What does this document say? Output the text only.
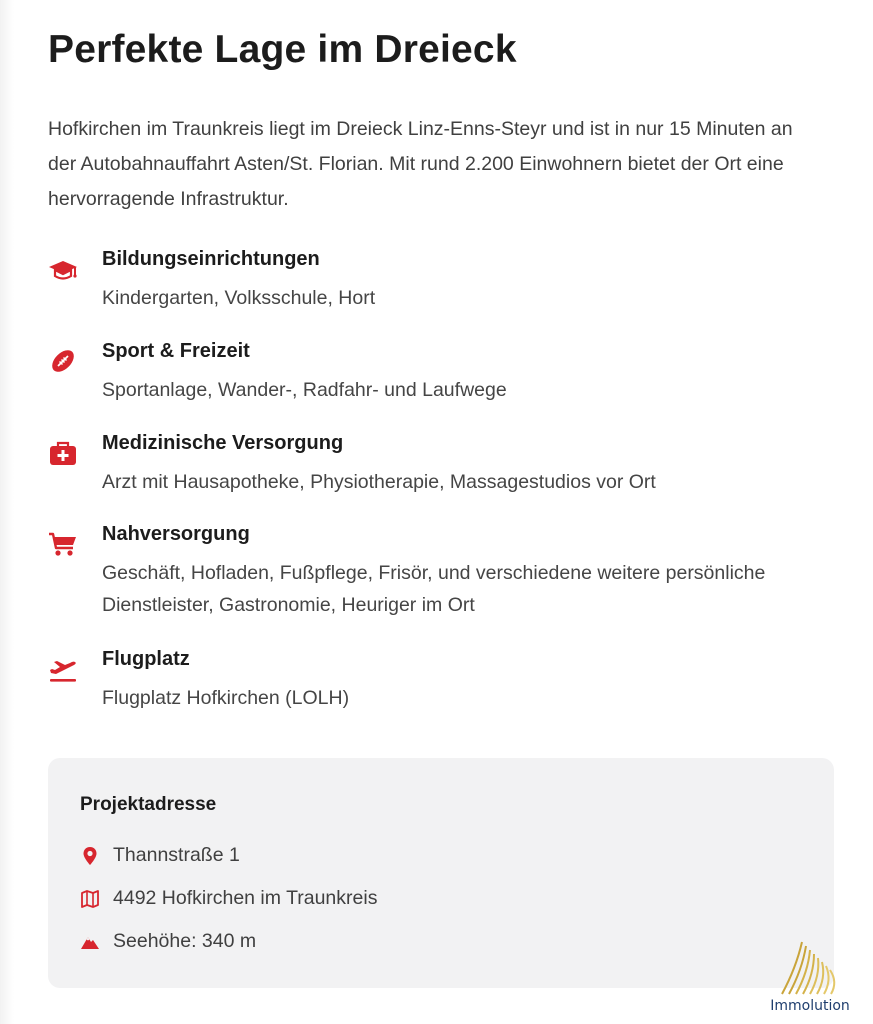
Perfekte Lage im Dreieck

Hofkirchen im Traunkreis liegt im Dreieck Linz-Enns-Steyr und ist in nur 15 Minuten an der Autobahnauffahrt Asten/St. Florian. Mit rund 2.200 Einwohnern bietet der Ort eine hervorragende Infrastruktur.

Bildungseinrichtungen
Kindergarten, Volksschule, Hort
Sport & Freizeit
Sportanlage, Wander-, Radfahr- und Laufwege
Medizinische Versorgung
Arzt mit Hausapotheke, Physiotherapie, Massagestudios vor Ort
Nahversorgung
Geschäft, Hofladen, Fußpflege, Frisör, und verschiedene weitere persönliche Dienstleister, Gastronomie, Heuriger im Ort
Flugplatz
Flugplatz Hofkirchen (LOLH)
Projektadresse
Thannstraße 1
4492 Hofkirchen im Traunkreis
Seehöhe: 340 m
Immolution
